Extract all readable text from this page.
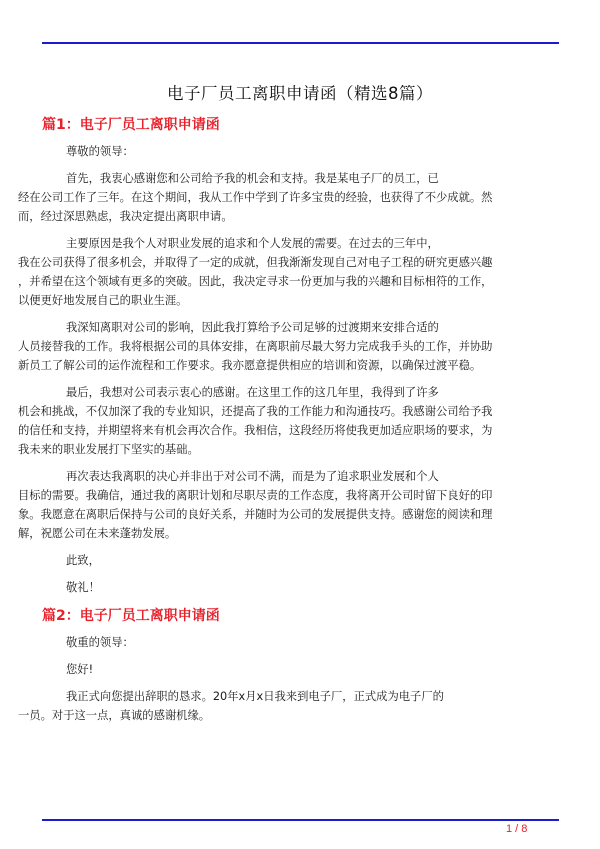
电子厂员工离职申请函（精选8篇）
篇1：电子厂员工离职申请函

尊敬的领导：

首先，我衷心感谢您和公司给予我的机会和支持。我是某电子厂的员工，已
经在公司工作了三年。在这个期间，我从工作中学到了许多宝贵的经验，也获得了不少成就。然
而，经过深思熟虑，我决定提出离职申请。

主要原因是我个人对职业发展的追求和个人发展的需要。在过去的三年中，
我在公司获得了很多机会，并取得了一定的成就，但我渐渐发现自己对电子工程的研究更感兴趣
，并希望在这个领域有更多的突破。因此，我决定寻求一份更加与我的兴趣和目标相符的工作，
以便更好地发展自己的职业生涯。

我深知离职对公司的影响，因此我打算给予公司足够的过渡期来安排合适的
人员接替我的工作。我将根据公司的具体安排，在离职前尽最大努力完成我手头的工作，并协助
新员工了解公司的运作流程和工作要求。我亦愿意提供相应的培训和资源，以确保过渡平稳。

最后，我想对公司表示衷心的感谢。在这里工作的这几年里，我得到了许多
机会和挑战，不仅加深了我的专业知识，还提高了我的工作能力和沟通技巧。我感谢公司给予我
的信任和支持，并期望将来有机会再次合作。我相信，这段经历将使我更加适应职场的要求，为
我未来的职业发展打下坚实的基础。

再次表达我离职的决心并非出于对公司不满，而是为了追求职业发展和个人
目标的需要。我确信，通过我的离职计划和尽职尽责的工作态度，我将离开公司时留下良好的印
象。我愿意在离职后保持与公司的良好关系，并随时为公司的发展提供支持。感谢您的阅读和理
解，祝愿公司在未来蓬勃发展。

此致，

敬礼！

篇2：电子厂员工离职申请函

敬重的领导：

您好!

我正式向您提出辞职的恳求。20年x月x日我来到电子厂，正式成为电子厂的
一员。对于这一点，真诚的感谢机缘。

1 / 8
